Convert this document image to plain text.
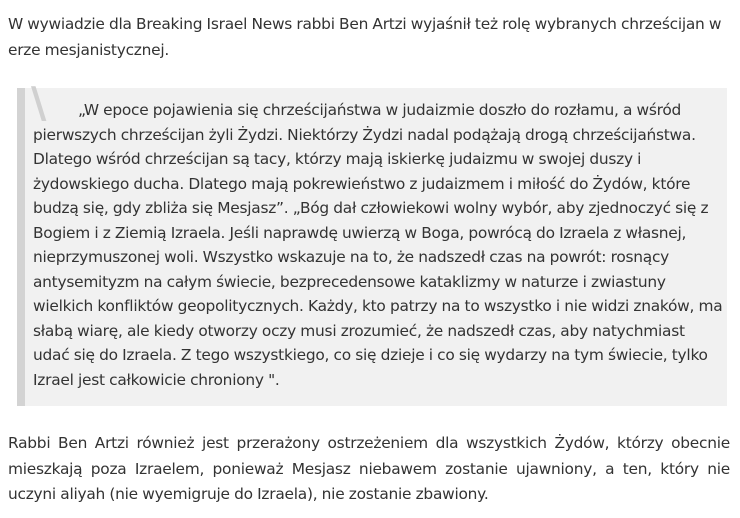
W wywiadzie dla Breaking Israel News rabbi Ben Artzi wyjaśnił też rolę wybranych chrześcijan w erze mesjanistycznej.

\	„W epoce pojawienia się chrześcijaństwa w judaizmie doszło do rozłamu, a wśród pierwszych chrześcijan żyli Żydzi. Niektórzy Żydzi nadal podążają drogą chrześcijaństwa. Dlatego wśród chrześcijan są tacy, którzy mają iskierkę judaizmu w swojej duszy i żydowskiego ducha. Dlatego mają pokrewieństwo z judaizmem i miłość do Żydów, które budzą się, gdy zbliża się Mesjasz”. „Bóg dał człowiekowi wolny wybór, aby zjednoczyć się z Bogiem i z Ziemią Izraela. Jeśli naprawdę uwierzą w Boga, powrócą do Izraela z własnej, nieprzymuszonej woli. Wszystko wskazuje na to, że nadszedł czas na powrót: rosnący antysemityzm na całym świecie, bezprecedensowe kataklizmy w naturze i zwiastuny wielkich konfliktów geopolitycznych. Każdy, kto patrzy na to wszystko i nie widzi znaków, ma słabą wiarę, ale kiedy otworzy oczy musi zrozumieć, że nadszedł czas, aby natychmiast udać się do Izraela. Z tego wszystkiego, co się dzieje i co się wydarzy na tym świecie, tylko Izrael jest całkowicie chroniony ".

Rabbi Ben Artzi również jest przerażony ostrzeżeniem dla wszystkich Żydów, którzy obecnie mieszkają poza Izraelem, ponieważ Mesjasz niebawem zostanie ujawniony, a ten, który nie uczyni aliyah (nie wyemigruje do Izraela), nie zostanie zbawiony.
